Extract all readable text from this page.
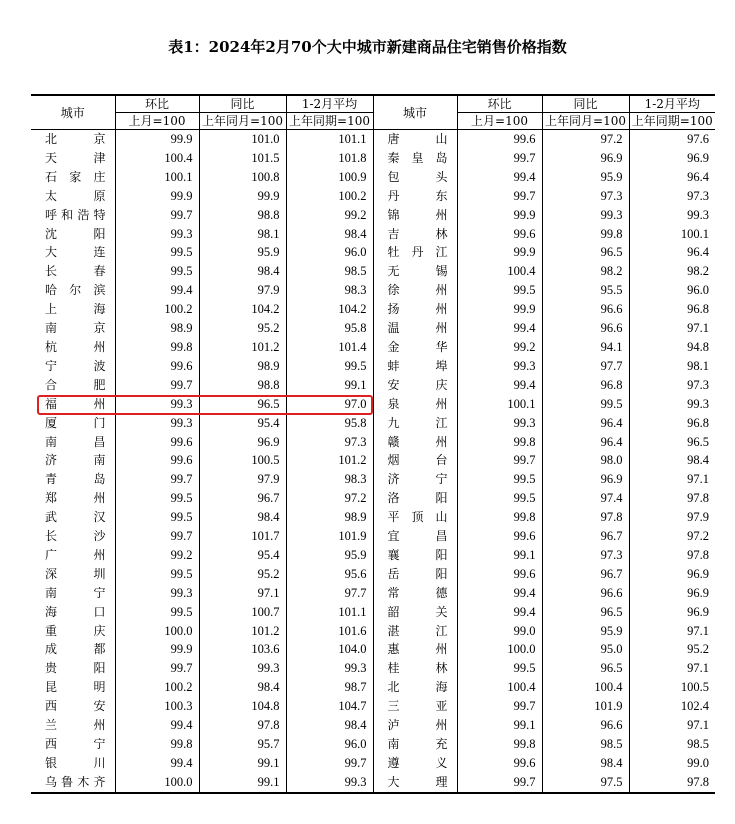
表1：2024年2月70个大中城市新建商品住宅销售价格指数
城市	环比	同比	1-2月平均	城市	环比	同比	1-2月平均
	上月=100	上年同月=100	上年同期=100		上月=100	上年同月=100	上年同期=100
北 京	99.9	101.0	101.1	唐 山	99.6	97.2	97.6
天 津	100.4	101.5	101.8	秦皇岛	99.7	96.9	96.9
石家庄	100.1	100.8	100.9	包 头	99.4	95.9	96.4
太 原	99.9	99.9	100.2	丹 东	99.7	97.3	97.3
呼和浩特	99.7	98.8	99.2	锦 州	99.9	99.3	99.3
沈 阳	99.3	98.1	98.4	吉 林	99.6	99.8	100.1
大 连	99.5	95.9	96.0	牡丹江	99.9	96.5	96.4
长 春	99.5	98.4	98.5	无 锡	100.4	98.2	98.2
哈尔滨	99.4	97.9	98.3	徐 州	99.5	95.5	96.0
上 海	100.2	104.2	104.2	扬 州	99.9	96.6	96.8
南 京	98.9	95.2	95.8	温 州	99.4	96.6	97.1
杭 州	99.8	101.2	101.4	金 华	99.2	94.1	94.8
宁 波	99.6	98.9	99.5	蚌 埠	99.3	97.7	98.1
合 肥	99.7	98.8	99.1	安 庆	99.4	96.8	97.3
福 州	99.3	96.5	97.0	泉 州	100.1	99.5	99.3
厦 门	99.3	95.4	95.8	九 江	99.3	96.4	96.8
南 昌	99.6	96.9	97.3	赣 州	99.8	96.4	96.5
济 南	99.6	100.5	101.2	烟 台	99.7	98.0	98.4
青 岛	99.7	97.9	98.3	济 宁	99.5	96.9	97.1
郑 州	99.5	96.7	97.2	洛 阳	99.5	97.4	97.8
武 汉	99.5	98.4	98.9	平顶山	99.8	97.8	97.9
长 沙	99.7	101.7	101.9	宜 昌	99.6	96.7	97.2
广 州	99.2	95.4	95.9	襄 阳	99.1	97.3	97.8
深 圳	99.5	95.2	95.6	岳 阳	99.6	96.7	96.9
南 宁	99.3	97.1	97.7	常 德	99.4	96.6	96.9
海 口	99.5	100.7	101.1	韶 关	99.4	96.5	96.9
重 庆	100.0	101.2	101.6	湛 江	99.0	95.9	97.1
成 都	99.9	103.6	104.0	惠 州	100.0	95.0	95.2
贵 阳	99.7	99.3	99.3	桂 林	99.5	96.5	97.1
昆 明	100.2	98.4	98.7	北 海	100.4	100.4	100.5
西 安	100.3	104.8	104.7	三 亚	99.7	101.9	102.4
兰 州	99.4	97.8	98.4	泸 州	99.1	96.6	97.1
西 宁	99.8	95.7	96.0	南 充	99.8	98.5	98.5
银 川	99.4	99.1	99.7	遵 义	99.6	98.4	99.0
乌鲁木齐	100.0	99.1	99.3	大 理	99.7	97.5	97.8
